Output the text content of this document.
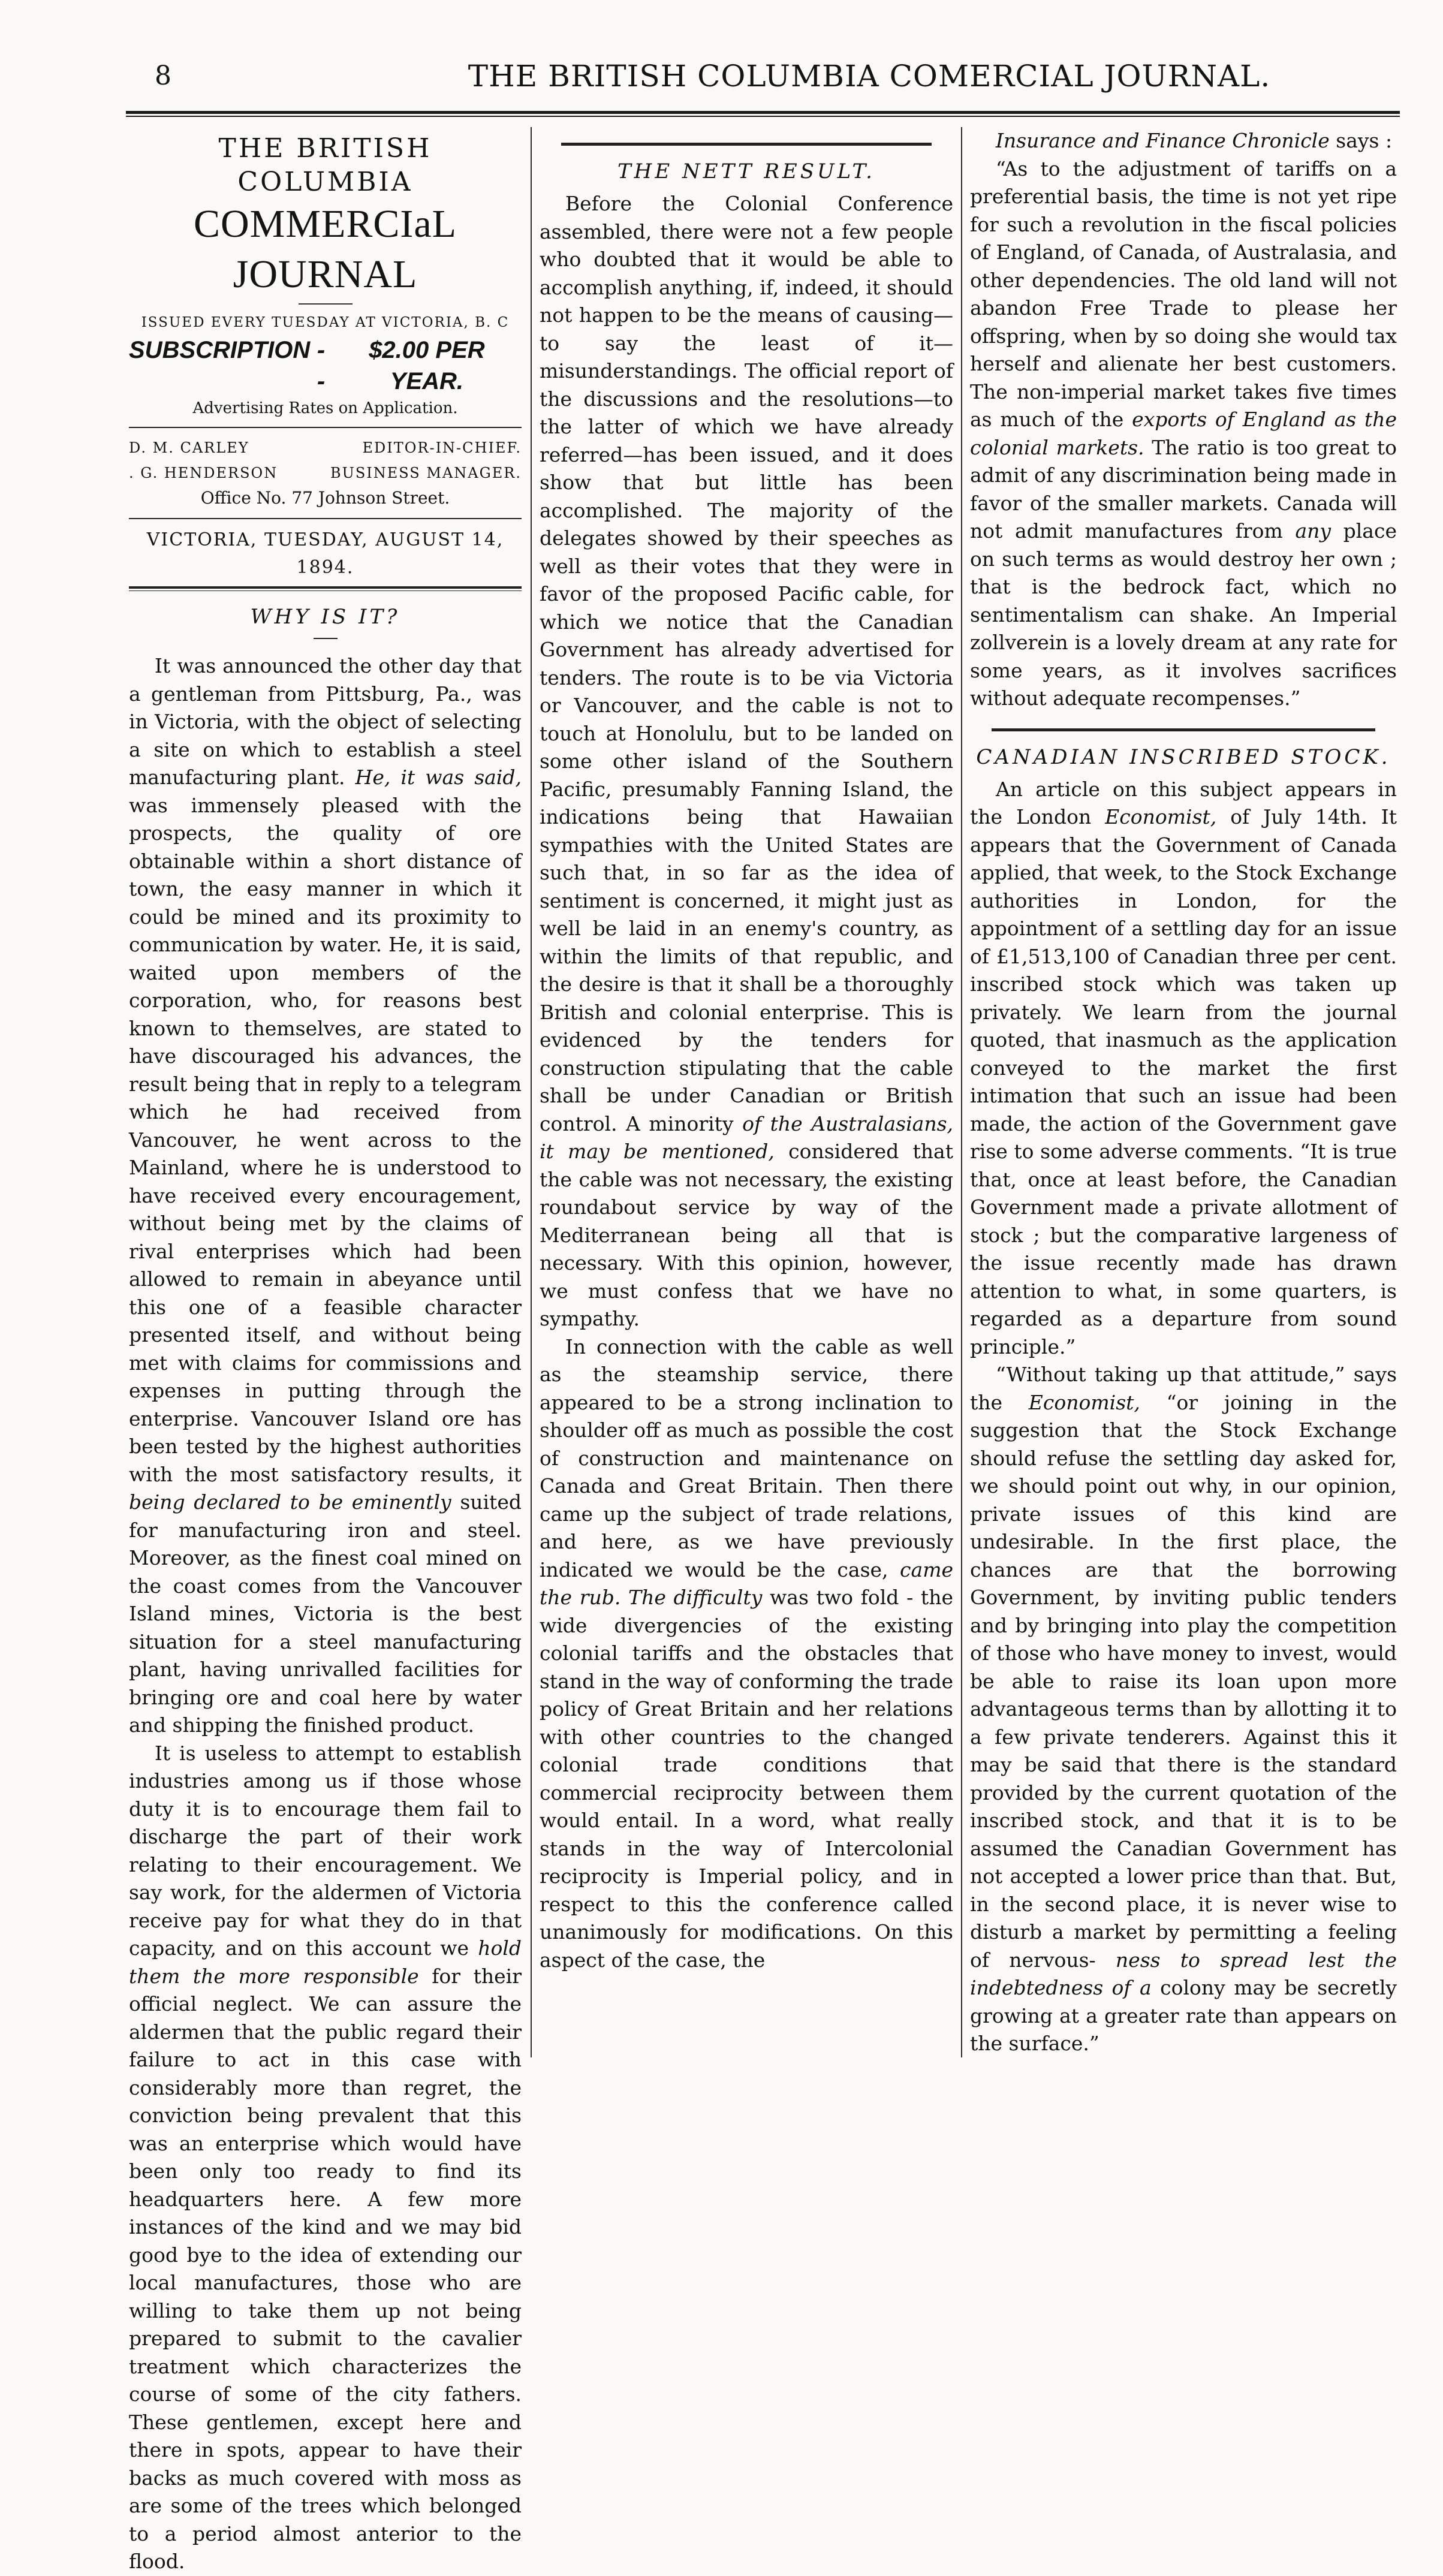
8	THE BRITISH COLUMBIA COMERCIAL JOURNAL.
THE BRITISH COLUMBIA
COMMERCIaL JOURNAL
ISSUED EVERY TUESDAY AT VICTORIA, B. C
SUBSCRIPTION - -
$2.00 PER YEAR.
Advertising Rates on Application.
D. M. CARLEY	EDITOR-IN-CHIEF.
. G. HENDERSON	BUSINESS MANAGER.
Office No. 77 Johnson Street.
VICTORIA, TUESDAY, AUGUST 14, 1894.
WHY IS IT?

It was announced the other day that a gentleman from Pittsburg, Pa., was in Victoria, with the object of selecting a site on which to establish a steel manufacturing plant. He, it was said, was immensely pleased with the prospects, the quality of ore obtainable within a short distance of town, the easy manner in which it could be mined and its proximity to communication by water. He, it is said, waited upon members of the corporation, who, for reasons best known to themselves, are stated to have discouraged his advances, the result being that in reply to a telegram which he had received from Vancouver, he went across to the Mainland, where he is understood to have received every encouragement, without being met by the claims of rival enterprises which had been allowed to remain in abeyance until this one of a feasible character presented itself, and without being met with claims for commissions and expenses in putting through the enterprise. Vancouver Island ore has been tested by the highest authorities with the most satisfactory results, it being declared to be eminently suited for manufacturing iron and steel. Moreover, as the finest coal mined on the coast comes from the Vancouver Island mines, Victoria is the best situation for a steel manufacturing plant, having unrivalled facilities for bringing ore and coal here by water and shipping the finished product.

It is useless to attempt to establish industries among us if those whose duty it is to encourage them fail to discharge the part of their work relating to their encouragement. We say work, for the aldermen of Victoria receive pay for what they do in that capacity, and on this account we hold them the more responsible for their official neglect. We can assure the aldermen that the public regard their failure to act in this case with considerably more than regret, the conviction being prevalent that this was an enterprise which would have been only too ready to find its headquarters here. A few more instances of the kind and we may bid good bye to the idea of extending our local manufactures, those who are willing to take them up not being prepared to submit to the cavalier treatment which characterizes the course of some of the city fathers. These gentlemen, except here and there in spots, appear to have their backs as much covered with moss as are some of the trees which belonged to a period almost anterior to the flood.

THE NETT RESULT.

Before the Colonial Conference assembled, there were not a few people who doubted that it would be able to accomplish anything, if, indeed, it should not happen to be the means of causing—to say the least of it—misunderstandings. The official report of the discussions and the resolutions—to the latter of which we have already referred—has been issued, and it does show that but little has been accomplished. The majority of the delegates showed by their speeches as well as their votes that they were in favor of the proposed Pacific cable, for which we notice that the Canadian Government has already advertised for tenders. The route is to be via Victoria or Vancouver, and the cable is not to touch at Honolulu, but to be landed on some other island of the Southern Pacific, presumably Fanning Island, the indications being that Hawaiian sympathies with the United States are such that, in so far as the idea of sentiment is concerned, it might just as well be laid in an enemy's country, as within the limits of that republic, and the desire is that it shall be a thoroughly British and colonial enterprise. This is evidenced by the tenders for construction stipulating that the cable shall be under Canadian or British control. A minority of the Australasians, it may be mentioned, considered that the cable was not necessary, the existing roundabout service by way of the Mediterranean being all that is necessary. With this opinion, however, we must confess that we have no sympathy.

In connection with the cable as well as the steamship service, there appeared to be a strong inclination to shoulder off as much as possible the cost of construction and maintenance on Canada and Great Britain. Then there came up the subject of trade relations, and here, as we have previously indicated we would be the case, came the rub. The difficulty was two fold - the wide divergencies of the existing colonial tariffs and the obstacles that stand in the way of conforming the trade policy of Great Britain and her relations with other countries to the changed colonial trade conditions that commercial reciprocity between them would entail. In a word, what really stands in the way of Intercolonial reciprocity is Imperial policy, and in respect to this the conference called unanimously for modifications. On this aspect of the case, the

Insurance and Finance Chronicle says :

“As to the adjustment of tariffs on a preferential basis, the time is not yet ripe for such a revolution in the fiscal policies of England, of Canada, of Australasia, and other dependencies. The old land will not abandon Free Trade to please her offspring, when by so doing she would tax herself and alienate her best customers. The non-imperial market takes five times as much of the exports of England as the colonial markets. The ratio is too great to admit of any discrimination being made in favor of the smaller markets. Canada will not admit manufactures from any place on such terms as would destroy her own ; that is the bedrock fact, which no sentimentalism can shake. An Imperial zollverein is a lovely dream at any rate for some years, as it involves sacrifices without adequate recompenses.”

CANADIAN INSCRIBED STOCK.

An article on this subject appears in the London Economist, of July 14th. It appears that the Government of Canada applied, that week, to the Stock Exchange authorities in London, for the appointment of a settling day for an issue of £1,513,100 of Canadian three per cent. inscribed stock which was taken up privately. We learn from the journal quoted, that inasmuch as the application conveyed to the market the first intimation that such an issue had been made, the action of the Government gave rise to some adverse comments. “It is true that, once at least before, the Canadian Government made a private allotment of stock ; but the comparative largeness of the issue recently made has drawn attention to what, in some quarters, is regarded as a departure from sound principle.”

“Without taking up that attitude,” says the Economist, “or joining in the suggestion that the Stock Exchange should refuse the settling day asked for, we should point out why, in our opinion, private issues of this kind are undesirable. In the first place, the chances are that the borrowing Government, by inviting public tenders and by bringing into play the competition of those who have money to invest, would be able to raise its loan upon more advantageous terms than by allotting it to a few private tenderers. Against this it may be said that there is the standard provided by the current quotation of the inscribed stock, and that it is to be assumed the Canadian Government has not accepted a lower price than that. But, in the second place, it is never wise to disturb a market by permitting a feeling of nervous- ness to spread lest the indebtedness of a colony may be secretly growing at a greater rate than appears on the surface.”
